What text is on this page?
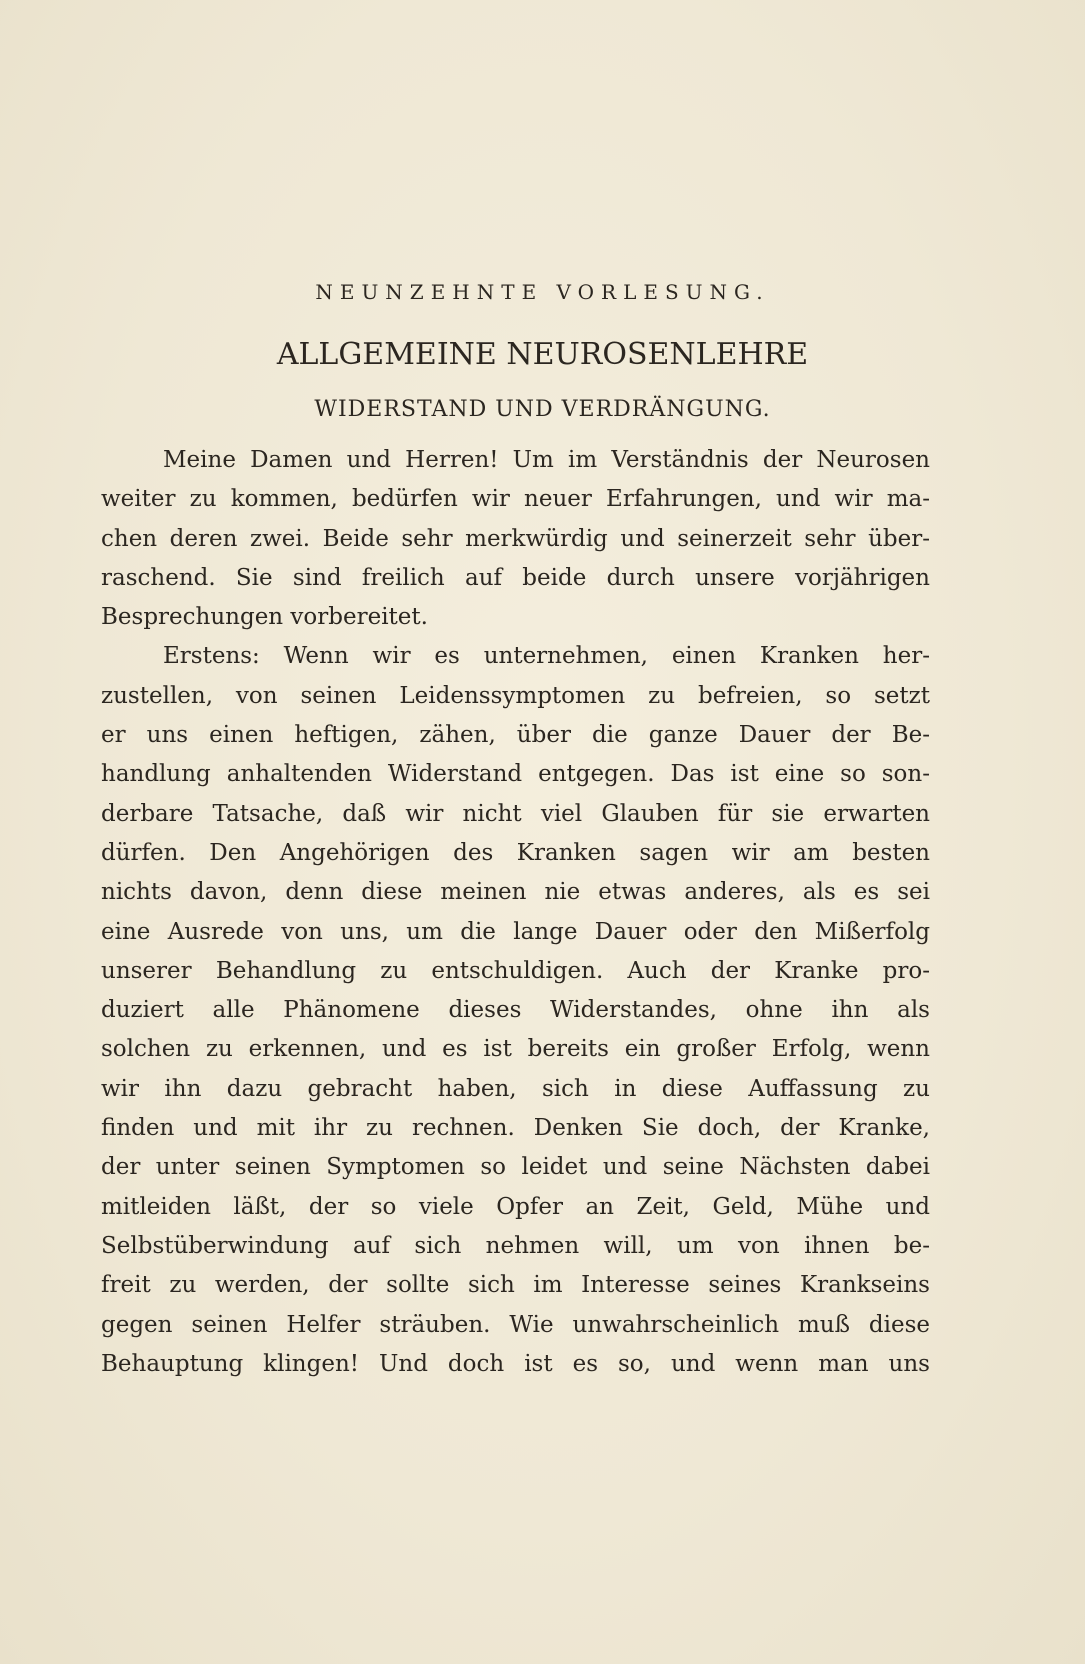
NEUNZEHNTE VORLESUNG.
ALLGEMEINE NEUROSENLEHRE
WIDERSTAND UND VERDRÄNGUNG.
Meine Damen und Herren! Um im Verständnis der Neurosen
weiter zu kommen, bedürfen wir neuer Erfahrungen, und wir ma-
chen deren zwei. Beide sehr merkwürdig und seinerzeit sehr über-
raschend. Sie sind freilich auf beide durch unsere vorjährigen
Besprechungen vorbereitet.
Erstens: Wenn wir es unternehmen, einen Kranken her-
zustellen, von seinen Leidenssymptomen zu befreien, so setzt
er uns einen heftigen, zähen, über die ganze Dauer der Be-
handlung anhaltenden Widerstand entgegen. Das ist eine so son-
derbare Tatsache, daß wir nicht viel Glauben für sie erwarten
dürfen. Den Angehörigen des Kranken sagen wir am besten
nichts davon, denn diese meinen nie etwas anderes, als es sei
eine Ausrede von uns, um die lange Dauer oder den Mißerfolg
unserer Behandlung zu entschuldigen. Auch der Kranke pro-
duziert alle Phänomene dieses Widerstandes, ohne ihn als
solchen zu erkennen, und es ist bereits ein großer Erfolg, wenn
wir ihn dazu gebracht haben, sich in diese Auffassung zu
finden und mit ihr zu rechnen. Denken Sie doch, der Kranke,
der unter seinen Symptomen so leidet und seine Nächsten dabei
mitleiden läßt, der so viele Opfer an Zeit, Geld, Mühe und
Selbstüberwindung auf sich nehmen will, um von ihnen be-
freit zu werden, der sollte sich im Interesse seines Krankseins
gegen seinen Helfer sträuben. Wie unwahrscheinlich muß diese
Behauptung klingen! Und doch ist es so, und wenn man uns
